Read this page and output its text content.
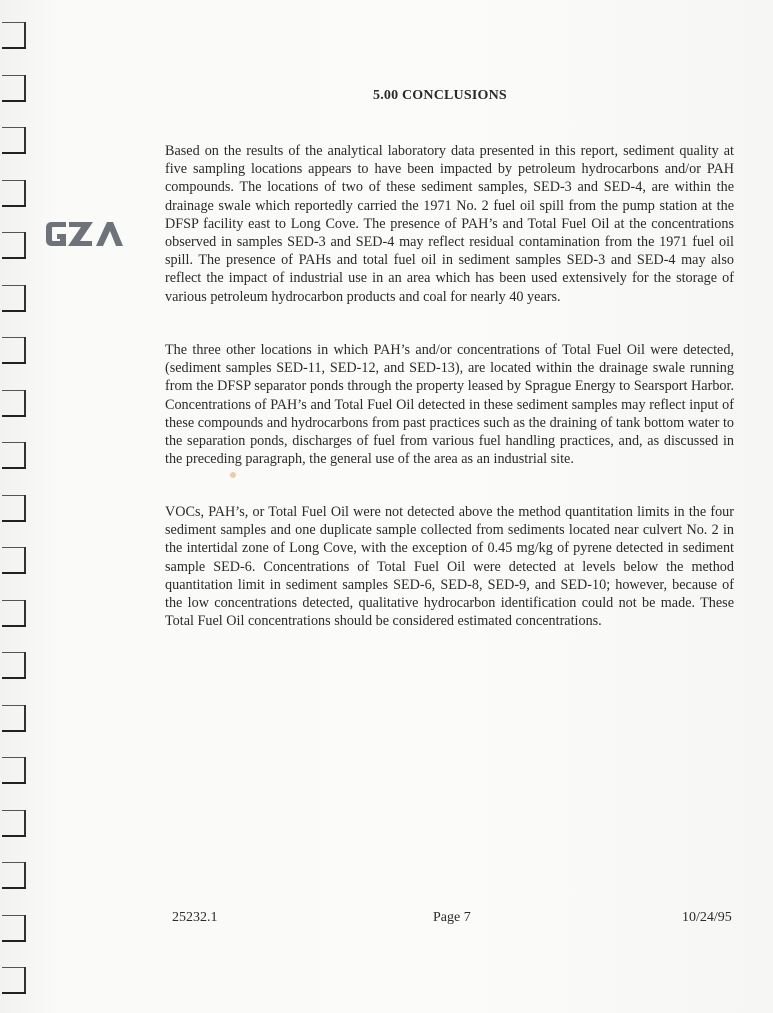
5.00 CONCLUSIONS

Based on the results of the analytical laboratory data presented in this report, sediment quality at five sampling locations appears to have been impacted by petroleum hydrocarbons and/or PAH compounds. The locations of two of these sediment samples, SED-3 and SED-4, are within the drainage swale which reportedly carried the 1971 No. 2 fuel oil spill from the pump station at the DFSP facility east to Long Cove. The presence of PAH’s and Total Fuel Oil at the concentrations observed in samples SED-3 and SED-4 may reflect residual contamination from the 1971 fuel oil spill. The presence of PAHs and total fuel oil in sediment samples SED-3 and SED-4 may also reflect the impact of industrial use in an area which has been used extensively for the storage of various petroleum hydrocarbon products and coal for nearly 40 years.

The three other locations in which PAH’s and/or concentrations of Total Fuel Oil were detected, (sediment samples SED-11, SED-12, and SED-13), are located within the drainage swale running from the DFSP separator ponds through the property leased by Sprague Energy to Searsport Harbor. Concentrations of PAH’s and Total Fuel Oil detected in these sediment samples may reflect input of these compounds and hydrocarbons from past practices such as the draining of tank bottom water to the separation ponds, discharges of fuel from various fuel handling practices, and, as discussed in the preceding paragraph, the general use of the area as an industrial site.

VOCs, PAH’s, or Total Fuel Oil were not detected above the method quantitation limits in the four sediment samples and one duplicate sample collected from sediments located near culvert No. 2 in the intertidal zone of Long Cove, with the exception of 0.45 mg/kg of pyrene detected in sediment sample SED-6. Concentrations of Total Fuel Oil were detected at levels below the method quantitation limit in sediment samples SED-6, SED-8, SED-9, and SED-10; however, because of the low concentrations detected, qualitative hydrocarbon identification could not be made. These Total Fuel Oil concentrations should be considered estimated concentrations.

25232.1	Page 7	10/24/95
